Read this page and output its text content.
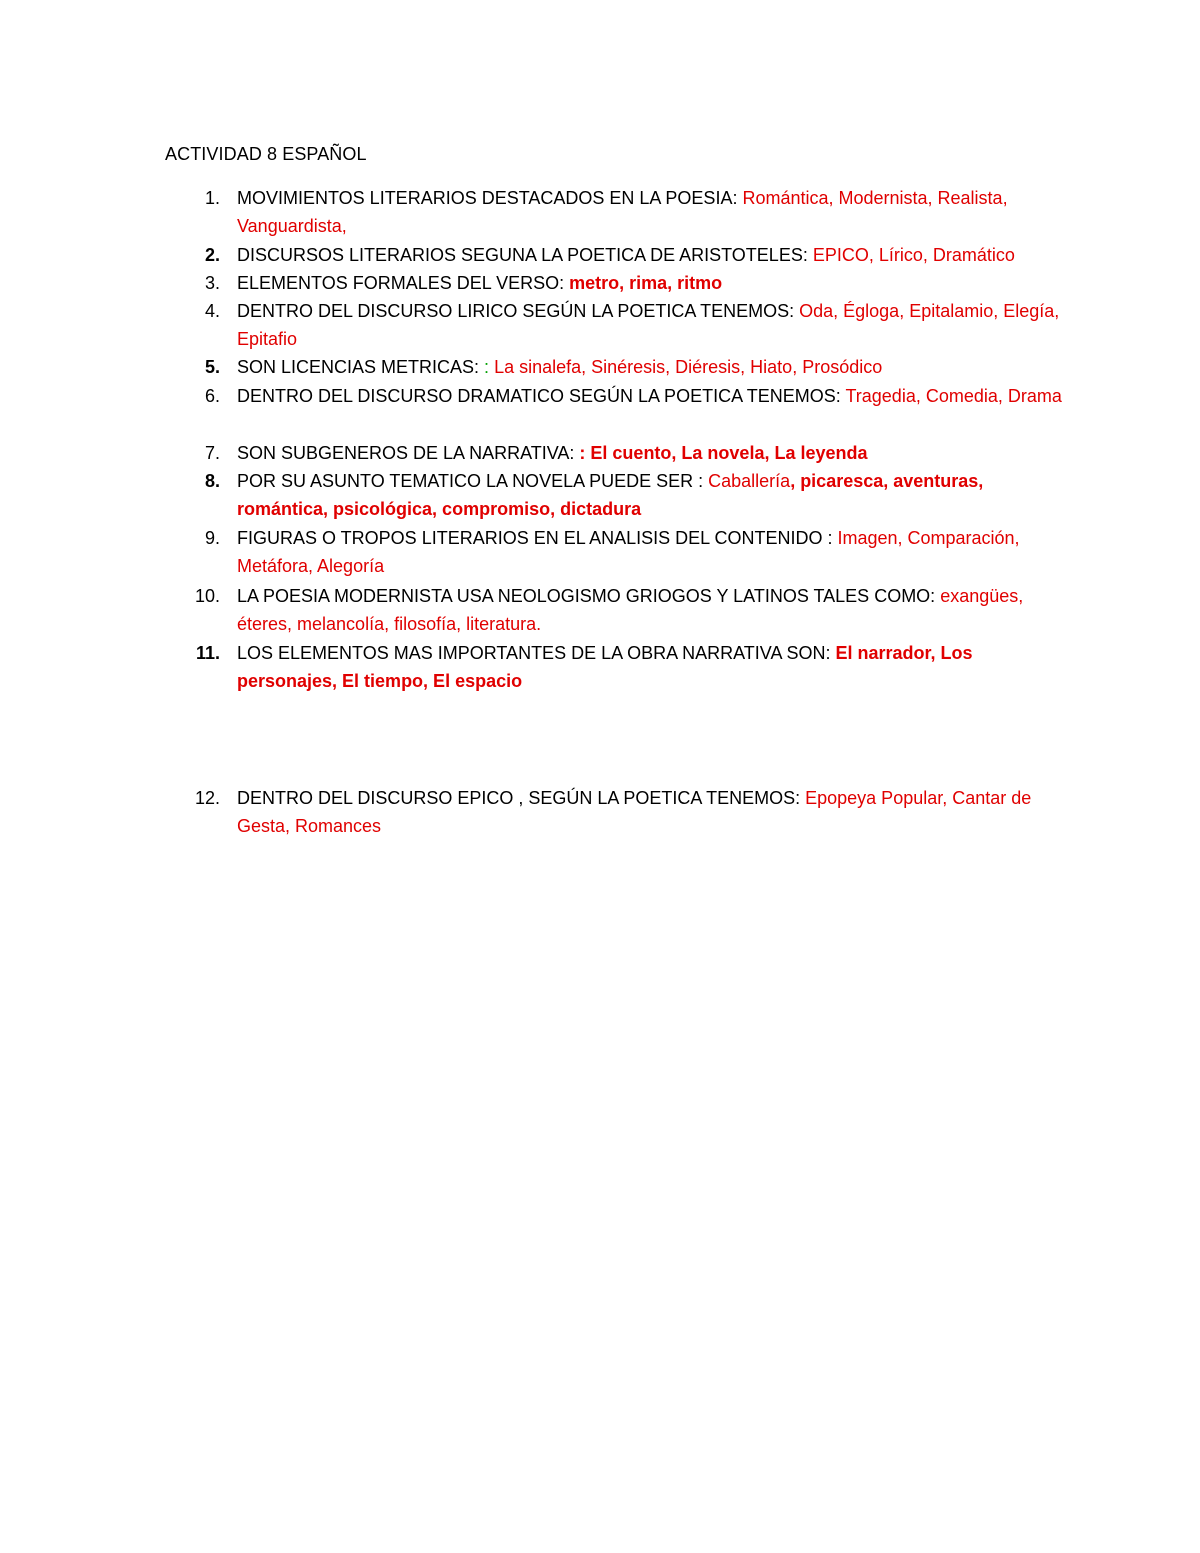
ACTIVIDAD 8 ESPAÑOL
1. MOVIMIENTOS LITERARIOS DESTACADOS EN LA POESIA: Romántica, Modernista, Realista, Vanguardista,
2. DISCURSOS LITERARIOS SEGUNA LA POETICA DE ARISTOTELES: EPICO, Lírico, Dramático
3. ELEMENTOS FORMALES DEL VERSO: metro, rima, ritmo
4. DENTRO DEL DISCURSO LIRICO SEGÚN LA POETICA TENEMOS: Oda, Égloga, Epitalamio, Elegía, Epitafio
5. SON LICENCIAS METRICAS: : La sinalefa, Sinéresis, Diéresis, Hiato, Prosódico
6. DENTRO DEL DISCURSO DRAMATICO SEGÚN LA POETICA TENEMOS: Tragedia, Comedia, Drama
7. SON SUBGENEROS DE LA NARRATIVA: : El cuento, La novela, La leyenda
8. POR SU ASUNTO TEMATICO LA NOVELA PUEDE SER : Caballería, picaresca, aventuras, romántica, psicológica, compromiso, dictadura
9. FIGURAS O TROPOS LITERARIOS EN EL ANALISIS DEL CONTENIDO : Imagen, Comparación, Metáfora, Alegoría
10. LA POESIA MODERNISTA USA NEOLOGISMO GRIOGOS Y LATINOS TALES COMO: exangües, éteres, melancolía, filosofía, literatura.
11. LOS ELEMENTOS MAS IMPORTANTES DE LA OBRA NARRATIVA SON: El narrador, Los personajes, El tiempo, El espacio
12. DENTRO DEL DISCURSO EPICO , SEGÚN LA POETICA TENEMOS: Epopeya Popular, Cantar de Gesta, Romances
